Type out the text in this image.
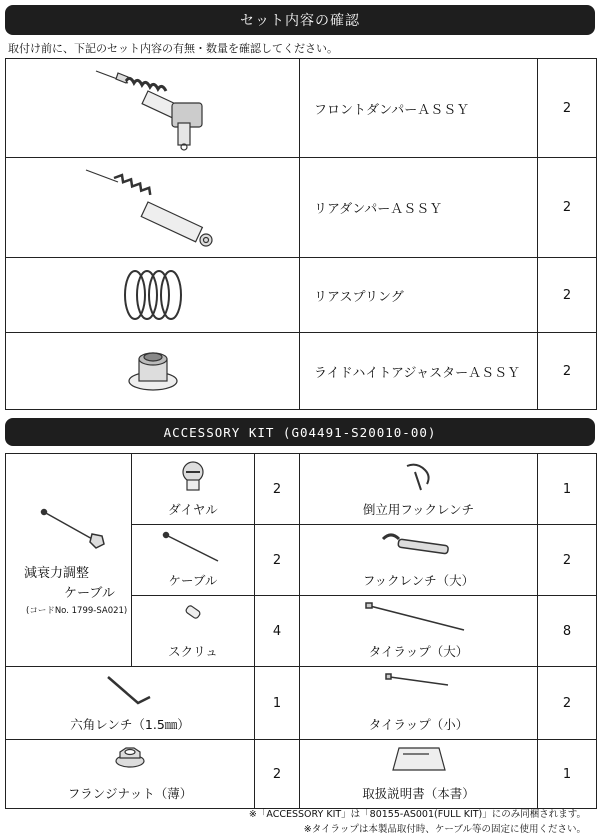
セット内容の確認
取付け前に、下記のセット内容の有無・数量を確認してください。
	フロントダンパーＡＳＳＹ	2

	リアダンパーＡＳＳＹ	2

	リアスプリング	2

	ライドハイトアジャスターＡＳＳＹ	2
ACCESSORY KIT (G04491-S20010-00)
減衰力調整
ケーブル
(コードNo. 1799-SA021)	ダイヤル	2	倒立用フックレンチ	1

	ケーブル	2	フックレンチ（大）	2

	スクリュ	4	タイラップ（大）	8

六角レンチ（1.5㎜）		1	タイラップ（小）	2

フランジナット（薄）		2	取扱説明書（本書）	1
※「ACCESSORY KIT」は「80155-AS001(FULL KIT)」にのみ同梱されます。
※タイラップは本製品取付時、ケーブル等の固定に使用ください。
